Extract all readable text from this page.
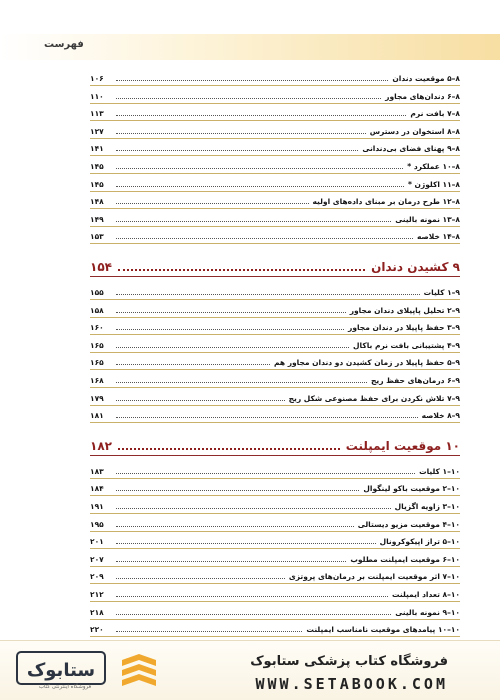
فهرست
۸–۵ موقعیت دندان
۱۰۶
۸–۶ دندان‌های مجاور
۱۱۰
۸–۷ بافت نرم
۱۱۳
۸–۸ استخوان در دسترس
۱۲۷
۸–۹ پهنای فضای بی‌دندانی
۱۴۱
۸–۱۰ عملکرد *
۱۴۵
۸–۱۱ اکلوژن *
۱۴۵
۸–۱۲ طرح درمان بر مبنای داده‌های اولیه
۱۴۸
۸–۱۳ نمونه بالینی
۱۴۹
۸–۱۴ خلاصه
۱۵۳
۹ کشیدن دندان
۱۵۴
۹–۱ کلیات
۱۵۵
۹–۲ تحلیل پاپیلای دندان مجاور
۱۵۸
۹–۳ حفظ پاپیلا در دندان مجاور
۱۶۰
۹–۴ پشتیبانی بافت نرم باکال
۱۶۵
۹–۵ حفظ پاپیلا در زمان کشیدن دو دندان مجاور هم
۱۶۵
۹–۶ درمان‌های حفظ ریج
۱۶۸
۹–۷ تلاش نکردن برای حفظ مصنوعی شکل ریج
۱۷۹
۹–۸ خلاصه
۱۸۱
۱۰ موقعیت ایمپلنت
۱۸۲
۱۰–۱ کلیات
۱۸۳
۱۰–۲ موقعیت باکو لینگوال
۱۸۴
۱۰–۳ زاویه اگزیال
۱۹۱
۱۰–۴ موقعیت مزیو دیستالی
۱۹۵
۱۰–۵ تراز اپیکوکرونال
۲۰۱
۱۰–۶ موقعیت ایمپلنت مطلوب
۲۰۷
۱۰–۷ اثر موقعیت ایمپلنت بر درمان‌های پروتزی
۲۰۹
۱۰–۸ تعداد ایمپلنت
۲۱۲
۱۰–۹ نمونه بالینی
۲۱۸
۱۰–۱۰ پیامدهای موقعیت نامناسب ایمپلنت
۲۲۰
ستابوک
فروشگاه اینترنتی کتاب
فروشگاه کتاب پزشکی ستابوک
WWW.SETABOOK.COM
